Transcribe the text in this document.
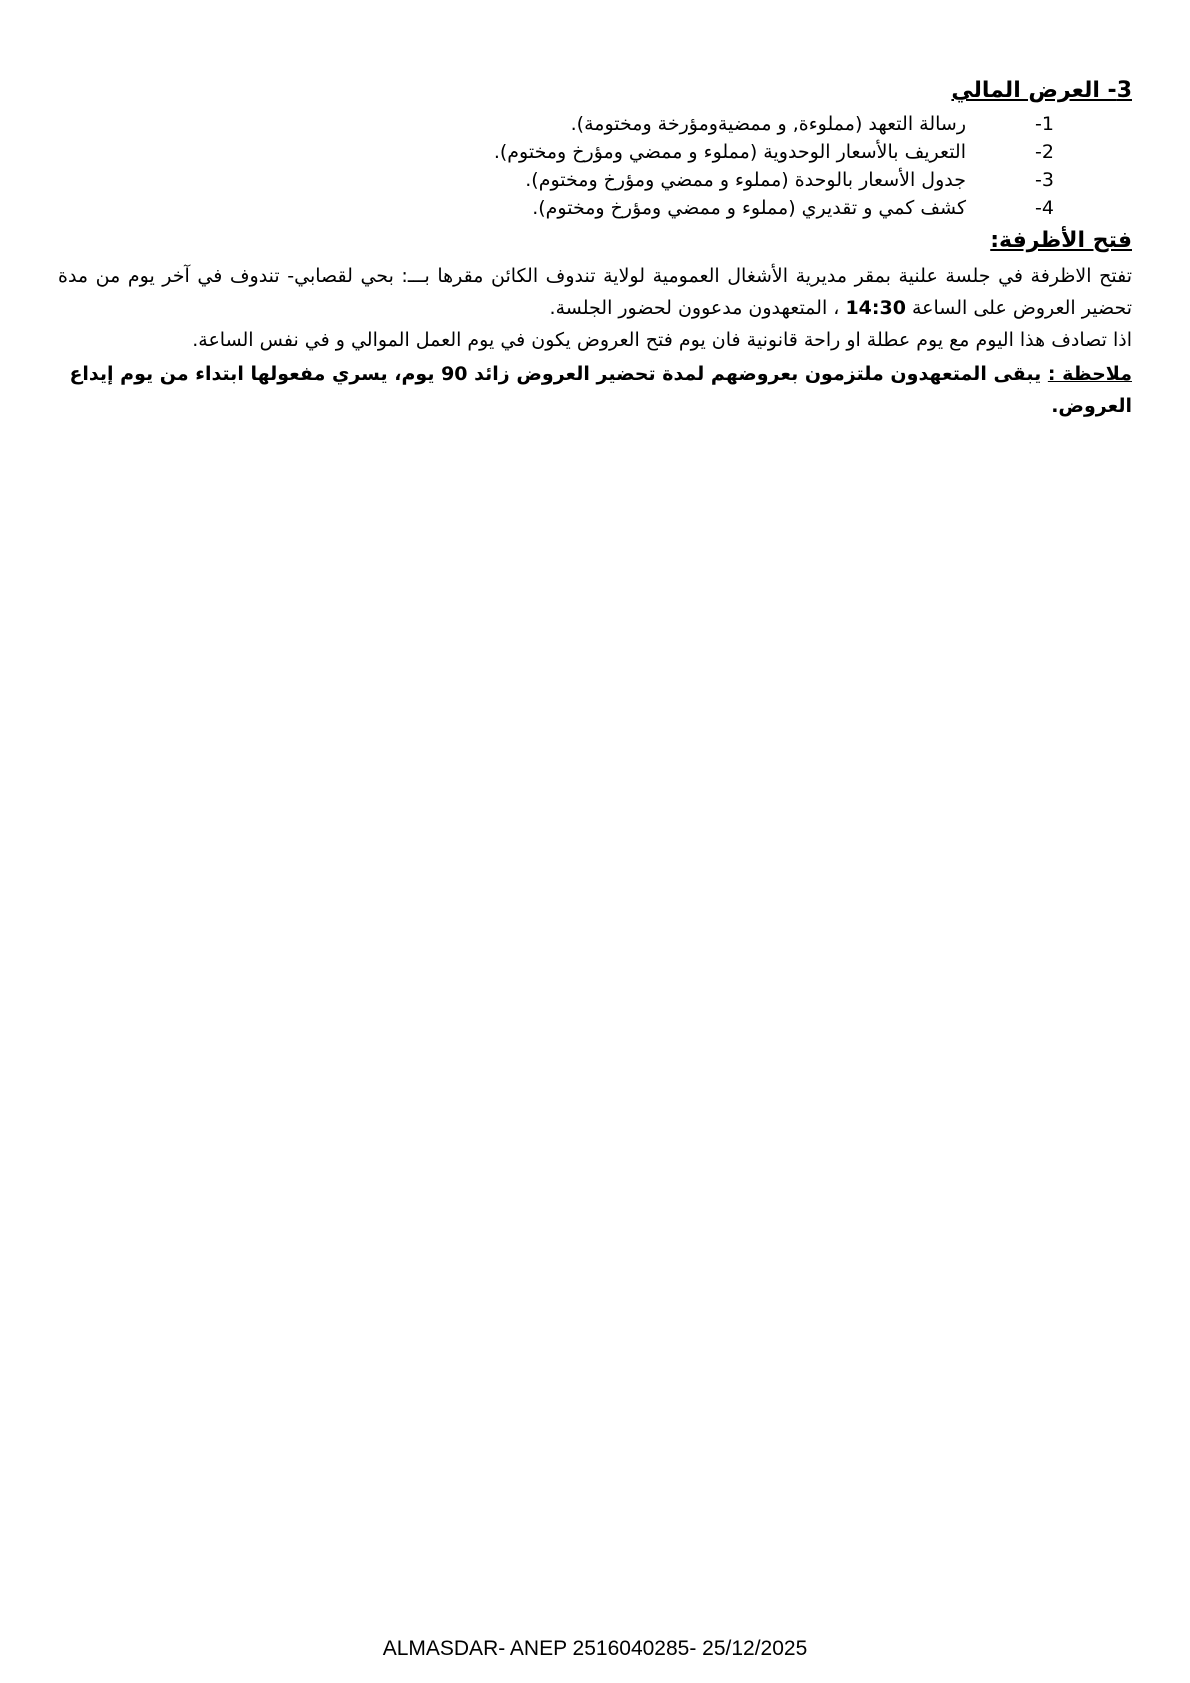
3- العرض المالي
1-
رسالة التعهد (مملوءة, و ممضيةومؤرخة ومختومة).
2-
التعريف بالأسعار الوحدوية (مملوء و ممضي ومؤرخ ومختوم).
3-
جدول الأسعار بالوحدة (مملوء و ممضي ومؤرخ ومختوم).
4-
كشف كمي و تقديري (مملوء و ممضي ومؤرخ ومختوم).
فتح الأظرفة:

تفتح الاظرفة في جلسة علنية بمقر مديرية الأشغال العمومية لولاية تندوف الكائن مقرها بـــ: بحي لقصابي- تندوف في آخر يوم من مدة تحضير العروض على الساعة 14:30 ، المتعهدون مدعوون لحضور الجلسة.

اذا تصادف هذا اليوم مع يوم عطلة او راحة قانونية فان يوم فتح العروض يكون في يوم العمل الموالي و في نفس الساعة.

ملاحظة : يبقى المتعهدون ملتزمون بعروضهم لمدة تحضير العروض زائد 90 يوم، يسري مفعولها ابتداء من يوم إيداع العروض.

ALMASDAR- ANEP 2516040285- 25/12/2025
